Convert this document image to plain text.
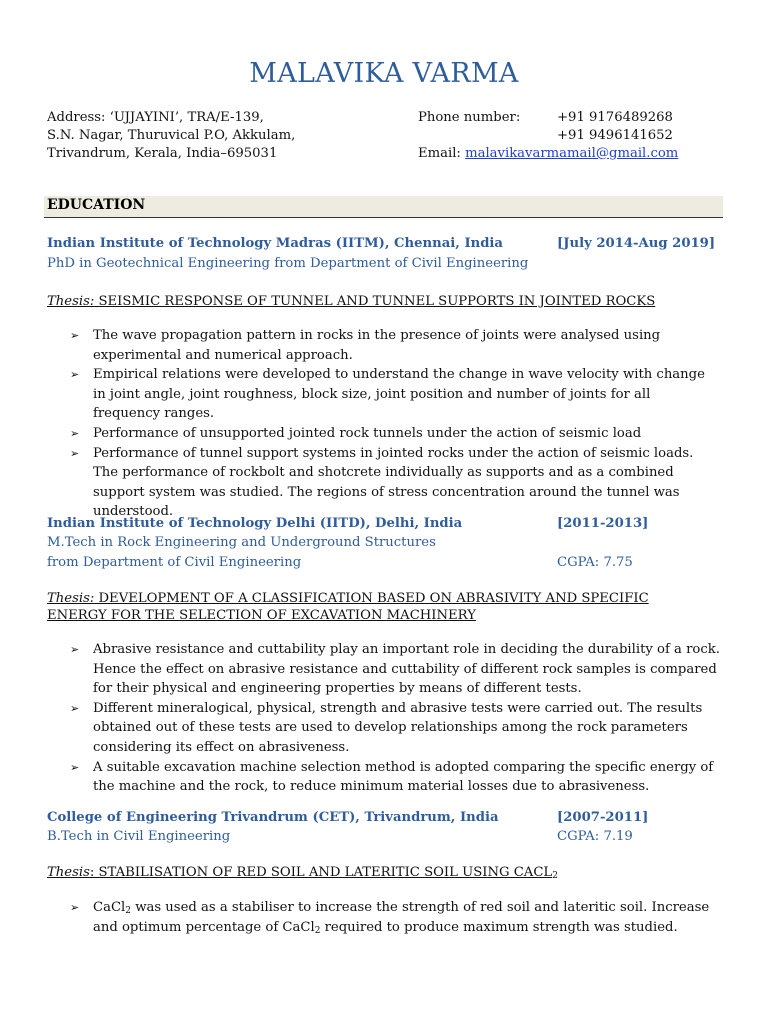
MALAVIKA VARMA
Address: ‘UJJAYINI’, TRA/E-139,
S.N. Nagar, Thuruvical P.O, Akkulam,
Trivandrum, Kerala, India–695031
Phone number:	+91 9176489268
+91 9496141652
Email: malavikavarmamail@gmail.com
EDUCATION
Indian Institute of Technology Madras (IITM), Chennai, India	[July 2014-Aug 2019]
PhD in Geotechnical Engineering from Department of Civil Engineering
Thesis: SEISMIC RESPONSE OF TUNNEL AND TUNNEL SUPPORTS IN JOINTED ROCKS
➢ The wave propagation pattern in rocks in the presence of joints were analysed using experimental and numerical approach.
➢ Empirical relations were developed to understand the change in wave velocity with change in joint angle, joint roughness, block size, joint position and number of joints for all frequency ranges.
➢ Performance of unsupported jointed rock tunnels under the action of seismic load
➢ Performance of tunnel support systems in jointed rocks under the action of seismic loads. The performance of rockbolt and shotcrete individually as supports and as a combined support system was studied. The regions of stress concentration around the tunnel was understood.
Indian Institute of Technology Delhi (IITD), Delhi, India	[2011-2013]
M.Tech in Rock Engineering and Underground Structures
from Department of Civil Engineering	CGPA: 7.75
Thesis: DEVELOPMENT OF A CLASSIFICATION BASED ON ABRASIVITY AND SPECIFIC ENERGY FOR THE SELECTION OF EXCAVATION MACHINERY
➢ Abrasive resistance and cuttability play an important role in deciding the durability of a rock. Hence the effect on abrasive resistance and cuttability of different rock samples is compared for their physical and engineering properties by means of different tests.
➢ Different mineralogical, physical, strength and abrasive tests were carried out. The results obtained out of these tests are used to develop relationships among the rock parameters considering its effect on abrasiveness.
➢ A suitable excavation machine selection method is adopted comparing the specific energy of the machine and the rock, to reduce minimum material losses due to abrasiveness.
College of Engineering Trivandrum (CET), Trivandrum, India	[2007-2011]
B.Tech in Civil Engineering	CGPA: 7.19
Thesis: STABILISATION OF RED SOIL AND LATERITIC SOIL USING $CACL_2$
➢ CaCl$_2$ was used as a stabiliser to increase the strength of red soil and lateritic soil. Increase and optimum percentage of CaCl$_2$ required to produce maximum strength was studied.
